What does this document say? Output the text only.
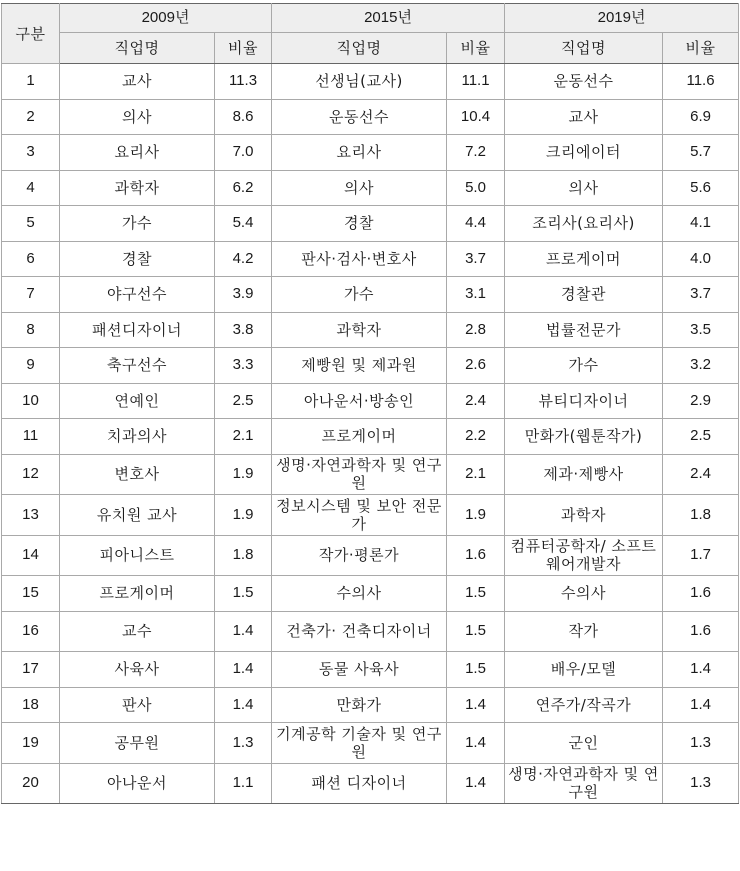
구분	2009년		2015년		2019년	
	직업명	비율	직업명	비율	직업명	비율
1	교사	11.3	선생님(교사)	11.1	운동선수	11.6
2	의사	8.6	운동선수	10.4	교사	6.9
3	요리사	7.0	요리사	7.2	크리에이터	5.7
4	과학자	6.2	의사	5.0	의사	5.6
5	가수	5.4	경찰	4.4	조리사(요리사)	4.1
6	경찰	4.2	판사·검사·변호사	3.7	프로게이머	4.0
7	야구선수	3.9	가수	3.1	경찰관	3.7
8	패션디자이너	3.8	과학자	2.8	법률전문가	3.5
9	축구선수	3.3	제빵원 및 제과원	2.6	가수	3.2
10	연예인	2.5	아나운서·방송인	2.4	뷰티디자이너	2.9
11	치과의사	2.1	프로게이머	2.2	만화가(웹툰작가)	2.5
12	변호사	1.9	생명·자연과학자 및 연구원	2.1	제과·제빵사	2.4
13	유치원 교사	1.9	정보시스템 및 보안 전문가	1.9	과학자	1.8
14	피아니스트	1.8	작가·평론가	1.6	컴퓨터공학자/ 소프트웨어개발자	1.7
15	프로게이머	1.5	수의사	1.5	수의사	1.6
16	교수	1.4	건축가· 건축디자이너	1.5	작가	1.6
17	사육사	1.4	동물 사육사	1.5	배우/모델	1.4
18	판사	1.4	만화가	1.4	연주가/작곡가	1.4
19	공무원	1.3	기계공학 기술자 및 연구원	1.4	군인	1.3
20	아나운서	1.1	패션 디자이너	1.4	생명·자연과학자 및 연구원	1.3
